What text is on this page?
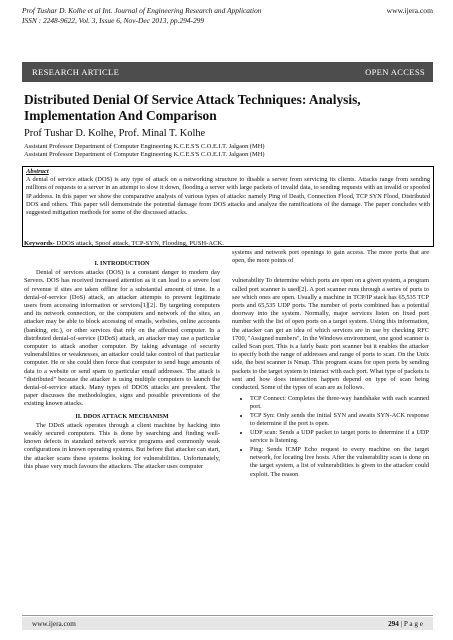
Prof Tushar D. Kolhe et al Int. Journal of Engineering Research and Application
ISSN : 2248-9622, Vol. 3, Issue 6, Nov-Dec 2013, pp.294-299
www.ijera.com
RESEARCH ARTICLE	OPEN ACCESS
Distributed Denial Of Service Attack Techniques: Analysis,
Implementation And Comparison
Prof Tushar D. Kolhe, Prof. Minal T. Kolhe
Assistant Professor Department of Computer Engineering K.C.E.S'S C.O.E.I.T. Jalgaon (MH)
Assistant Professor Department of Computer Engineering K.C.E.S'S C.O.E.I.T. Jalgaon (MH)
Abstract
A denial of service attack (DOS) is any type of attack on a networking structure to disable a server from servicing its clients. Attacks range from sending millions of requests to a server in an attempt to slow it down, flooding a server with large packets of invalid data, to sending requests with an invalid or spoofed IP address. In this paper we show the comparative analysis of various types of attacks: namely Ping of Death, Connection Flood, TCP SYN Flood, Distributed DOS and others. This paper will demonstrate the potential damage from DOS attacks and analyze the ramifications of the damage. The paper concludes with suggested mitigation methods for some of the discussed attacks.
Keywords- DDOS attack, Spoof attack, TCP-SYN, Flooding, PUSH-ACK.
I. INTRODUCTION

Denial of services attacks (DOS) is a constant danger to modern day Servers. DOS has received increased attention as it can lead to a severe lost of revenue if sites are taken offline for a substantial amount of time. In a denial-of-service (DoS) attack, an attacker attempts to prevent legitimate users from accessing information or services[1][2]. By targeting computers and its network connection, or the computers and network of the sites, an attacker may be able to block accessing of emails, websites, online accounts (banking, etc.), or other services that rely on the affected computer. In a distributed denial-of-service (DDoS) attack, an attacker may use a particular computer to attack another computer. By taking advantage of security vulnerabilities or weaknesses, an attacker could take control of that particular computer. He or she could then force that computer to send huge amounts of data to a website or send spam to particular email addresses. The attack is "distributed" because the attacker is using multiple computers to launch the denial-of-service attack. Many types of DDOS attacks are prevalent. The paper discusses the methodologies, signs and possible preventions of the existing known attacks.

II. DDOS ATTACK MECHANISM

The DDoS attack operates through a client machine by hacking into weakly secured computers. This is done by searching and finding well-known defects in standard network service programs and commonly weak configurations in known operating systems. But before that attacker can start, the attacker scans these systems looking for vulnerabilities. Unfortunately, this phase very much favours the attackers. The attacker uses computer

systems and network port openings to gain access. The more ports that are open, the more points of

vulnerability To determine which ports are open on a given system, a program called port scanner is used[2]. A port scanner runs through a series of ports to see which ones are open. Usually a machine in TCP/IP stack has 65,535 TCP ports and 65,535 UDP ports. The number of ports combined has a potential doorway into the system. Normally, major services listen on fixed port number with the list of open ports on a target system. Using this information, the attacker can get an idea of which services are in use by checking RFC 1700, "Assigned numbers". In the Windows environment, one good scanner is called Scan port. This is a fairly basic port scanner but it enables the attacker to specify both the range of addresses and range of ports to scan. On the Unix side, the best scanner is Nmap. This program scans for open ports by sending packets to the target system to interact with each port. What type of packets is sent and how does interaction happen depend on type of scan being conducted. Some of the types of scan are as follows.

• TCP Connect: Completes the three-way handshake with each scanned port.
• TCP Syn: Only sends the initial SYN and awaits SYN-ACK response to determine if the port is open.
• UDP scan: Sends a UDP packet to target ports to determine if a UDP service is listening.
• Ping: Sends ICMP Echo request to every machine on the target network, for locating live hosts. After the vulnerability scan is done on the target system, a list of vulnerabilities is given to the attacker could exploit. The reason
www.ijera.com	294 | P a g e
